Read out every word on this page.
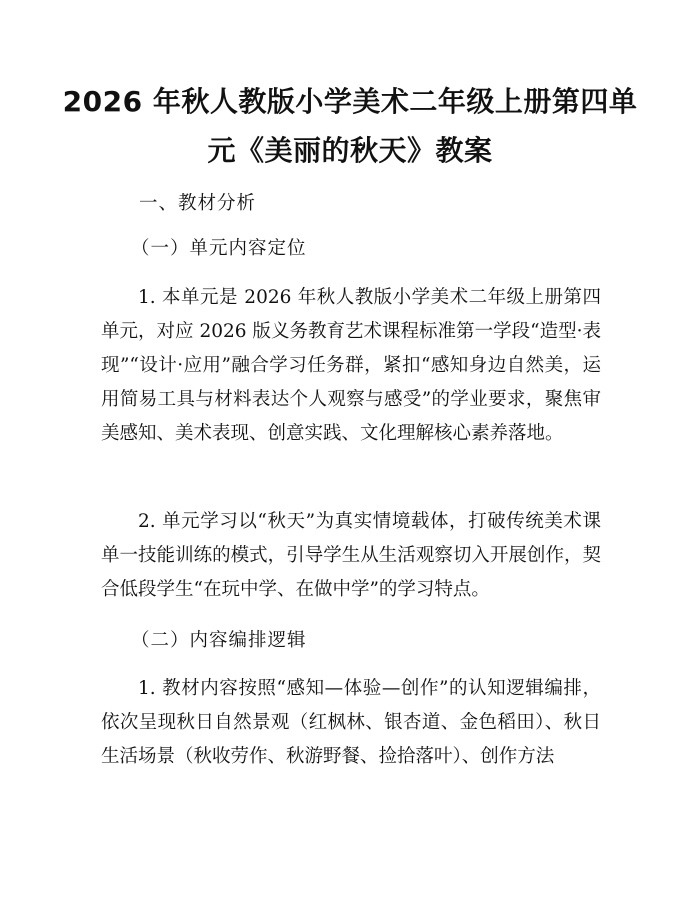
2026 年秋人教版小学美术二年级上册第四单
元《美丽的秋天》教案
一、教材分析
（一）单元内容定位

1. 本单元是 2026 年秋人教版小学美术二年级上册第四单元，对应 2026 版义务教育艺术课程标准第一学段“造型·表现”“设计·应用”融合学习任务群，紧扣“感知身边自然美，运用简易工具与材料表达个人观察与感受”的学业要求，聚焦审美感知、美术表现、创意实践、文化理解核心素养落地。

2. 单元学习以“秋天”为真实情境载体，打破传统美术课单一技能训练的模式，引导学生从生活观察切入开展创作，契合低段学生“在玩中学、在做中学”的学习特点。

（二）内容编排逻辑

1. 教材内容按照“感知—体验—创作”的认知逻辑编排，依次呈现秋日自然景观（红枫林、银杏道、金色稻田）、秋日生活场景（秋收劳作、秋游野餐、捡拾落叶）、创作方法
